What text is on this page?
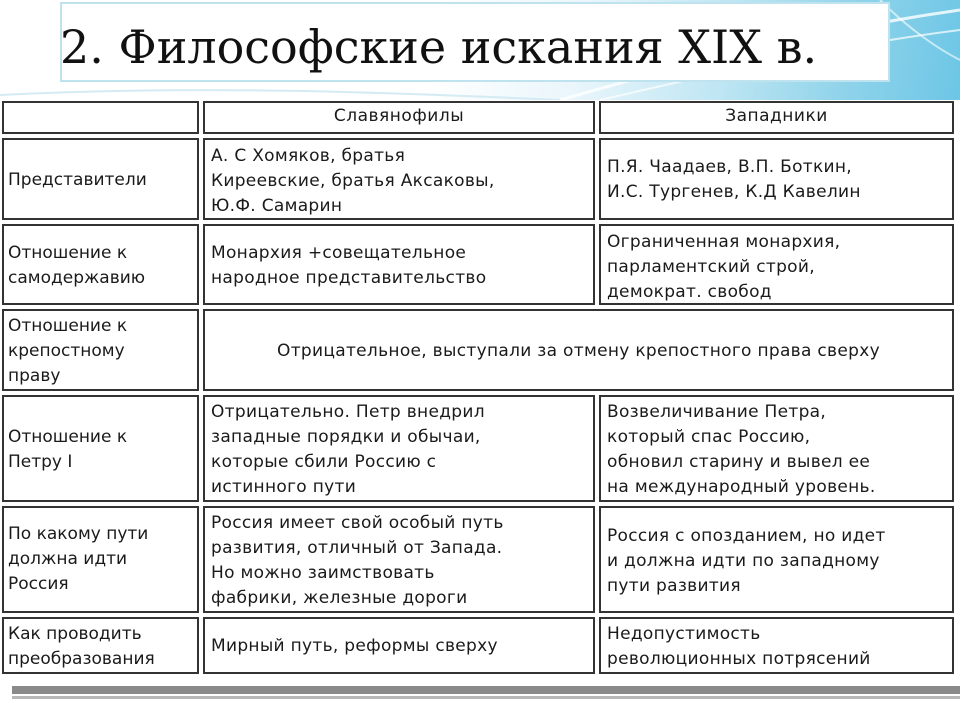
2. Философские искания XIX в.
Славянофилы	Западники
Представители
А. С Хомяков, братья
Киреевские, братья Аксаковы,
Ю.Ф. Самарин
П.Я. Чаадаев, В.П. Боткин,
И.С. Тургенев, К.Д Кавелин
Отношение к
самодержавию
Монархия +совещательное
народное представительство
Ограниченная монархия,
парламентский строй,
демократ. свобод
Отношение к
крепостному
праву
Отрицательное, выступали за отмену крепостного права сверху
Отношение к
Петру I
Отрицательно. Петр внедрил
западные порядки и обычаи,
которые сбили Россию с
истинного пути
Возвеличивание Петра,
который спас Россию,
обновил старину и вывел ее
на международный уровень.
По какому пути
должна идти
Россия
Россия имеет свой особый путь
развития, отличный от Запада.
Но можно заимствовать
фабрики, железные дороги
Россия с опозданием, но идет
и должна идти по западному
пути развития
Как проводить
преобразования
Мирный путь, реформы сверху
Недопустимость
революционных потрясений
